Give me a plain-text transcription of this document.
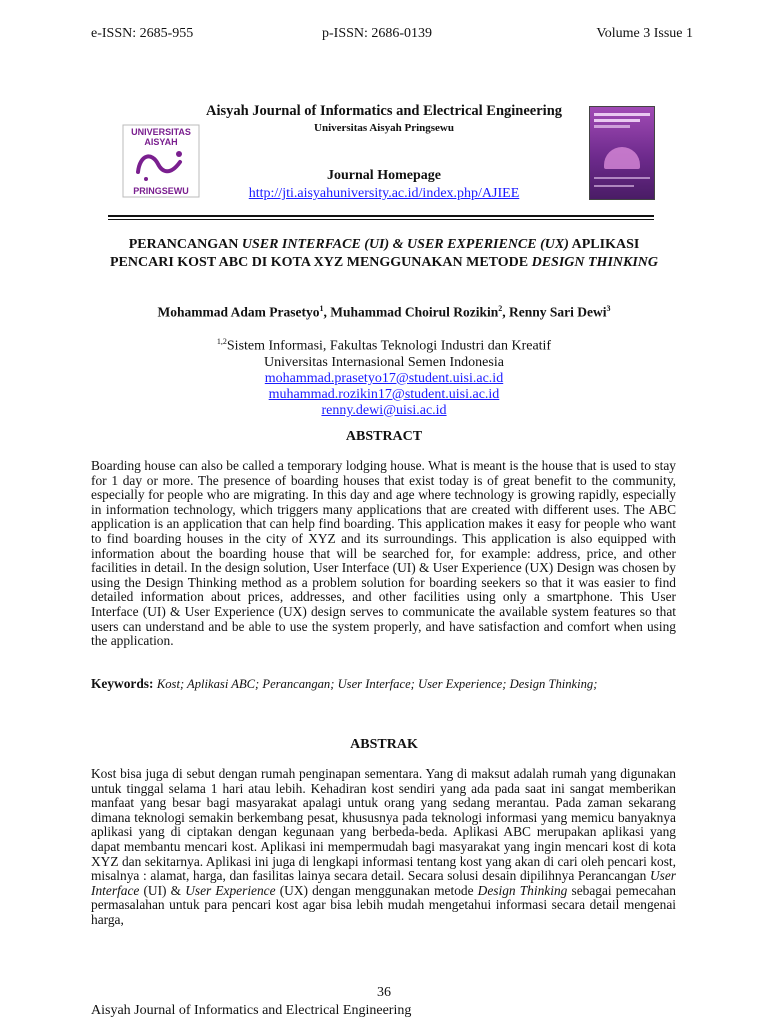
e-ISSN: 2685-955	p-ISSN: 2686-0139	Volume 3 Issue 1
UNIVERSITAS
AISYAH
PRINGSEWU
Aisyah Journal of Informatics and Electrical Engineering
Universitas Aisyah Pringsewu
Journal Homepage
http://jti.aisyahuniversity.ac.id/index.php/AJIEE
PERANCANGAN USER INTERFACE (UI) & USER EXPERIENCE (UX) APLIKASI PENCARI KOST ABC DI KOTA XYZ MENGGUNAKAN METODE DESIGN THINKING
Mohammad Adam Prasetyo$^1$, Muhammad Choirul Rozikin$^2$, Renny Sari Dewi$^3$
$^{1,2}$Sistem Informasi, Fakultas Teknologi Industri dan Kreatif
Universitas Internasional Semen Indonesia
mohammad.prasetyo17@student.uisi.ac.id
muhammad.rozikin17@student.uisi.ac.id
renny.dewi@uisi.ac.id
ABSTRACT
Boarding house can also be called a temporary lodging house. What is meant is the house that is used to stay for 1 day or more. The presence of boarding houses that exist today is of great benefit to the community, especially for people who are migrating. In this day and age where technology is growing rapidly, especially in information technology, which triggers many applications that are created with different uses. The ABC application is an application that can help find boarding. This application makes it easy for people who want to find boarding houses in the city of XYZ and its surroundings. This application is also equipped with information about the boarding house that will be searched for, for example: address, price, and other facilities in detail. In the design solution, User Interface (UI) & User Experience (UX) Design was chosen by using the Design Thinking method as a problem solution for boarding seekers so that it was easier to find detailed information about prices, addresses, and other facilities using only a smartphone. This User Interface (UI) & User Experience (UX) design serves to communicate the available system features so that users can understand and be able to use the system properly, and have satisfaction and comfort when using the application.
Keywords: Kost; Aplikasi ABC; Perancangan; User Interface; User Experience; Design Thinking;
ABSTRAK
Kost bisa juga di sebut dengan rumah penginapan sementara. Yang di maksut adalah rumah yang digunakan untuk tinggal selama 1 hari atau lebih. Kehadiran kost sendiri yang ada pada saat ini sangat memberikan manfaat yang besar bagi masyarakat apalagi untuk orang yang sedang merantau. Pada zaman sekarang dimana teknologi semakin berkembang pesat, khususnya pada teknologi informasi yang memicu banyaknya aplikasi yang di ciptakan dengan kegunaan yang berbeda-beda. Aplikasi ABC merupakan aplikasi yang dapat membantu mencari kost. Aplikasi ini mempermudah bagi masyarakat yang ingin mencari kost di kota XYZ dan sekitarnya. Aplikasi ini juga di lengkapi informasi tentang kost yang akan di cari oleh pencari kost, misalnya : alamat, harga, dan fasilitas lainya secara detail. Secara solusi desain dipilihnya Perancangan User Interface (UI) & User Experience (UX) dengan menggunakan metode Design Thinking sebagai pemecahan permasalahan untuk para pencari kost agar bisa lebih mudah mengetahui informasi secara detail mengenai harga,
36
Aisyah Journal of Informatics and Electrical Engineering
